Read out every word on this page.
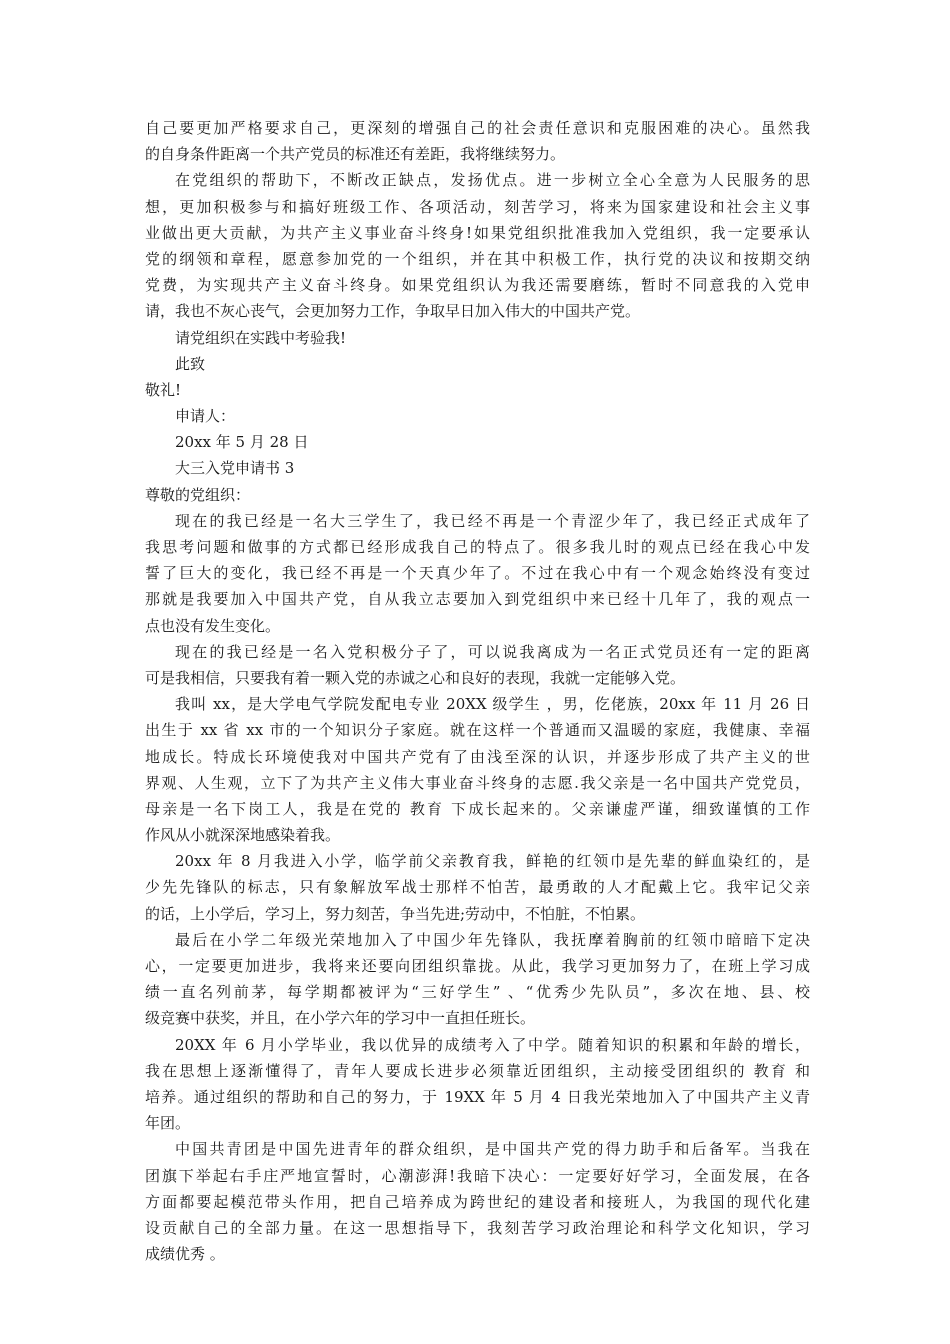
自己要更加严格要求自己，更深刻的增强自己的社会责任意识和克服困难的决心。虽然我
的自身条件距离一个共产党员的标准还有差距，我将继续努力。
在党组织的帮助下，不断改正缺点，发扬优点。进一步树立全心全意为人民服务的思
想，更加积极参与和搞好班级工作、各项活动，刻苦学习，将来为国家建设和社会主义事
业做出更大贡献，为共产主义事业奋斗终身!如果党组织批准我加入党组织，我一定要承认
党的纲领和章程，愿意参加党的一个组织，并在其中积极工作，执行党的决议和按期交纳
党费，为实现共产主义奋斗终身。如果党组织认为我还需要磨练，暂时不同意我的入党申
请，我也不灰心丧气，会更加努力工作，争取早日加入伟大的中国共产党。
请党组织在实践中考验我!
此致
敬礼!
申请人：
20xx 年 5 月 28 日
大三入党申请书 3
尊敬的党组织：
现在的我已经是一名大三学生了，我已经不再是一个青涩少年了，我已经正式成年了
我思考问题和做事的方式都已经形成我自己的特点了。很多我儿时的观点已经在我心中发
誓了巨大的变化，我已经不再是一个天真少年了。不过在我心中有一个观念始终没有变过
那就是我要加入中国共产党，自从我立志要加入到党组织中来已经十几年了，我的观点一
点也没有发生变化。
现在的我已经是一名入党积极分子了，可以说我离成为一名正式党员还有一定的距离
可是我相信，只要我有着一颗入党的赤诚之心和良好的表现，我就一定能够入党。
我叫 xx，是大学电气学院发配电专业 20XX 级学生 ，男，仡佬族，20xx 年 11 月 26 日
出生于 xx 省 xx 市的一个知识分子家庭。就在这样一个普通而又温暖的家庭，我健康、幸福
地成长。特成长环境使我对中国共产党有了由浅至深的认识，并逐步形成了共产主义的世
界观、人生观，立下了为共产主义伟大事业奋斗终身的志愿.我父亲是一名中国共产党党员，
母亲是一名下岗工人，我是在党的 教育 下成长起来的。父亲谦虚严谨，细致谨慎的工作
作风从小就深深地感染着我。
20xx 年 8 月我进入小学，临学前父亲教育我，鲜艳的红领巾是先辈的鲜血染红的，是
少先先锋队的标志，只有象解放军战士那样不怕苦，最勇敢的人才配戴上它。我牢记父亲
的话，上小学后，学习上，努力刻苦，争当先进;劳动中，不怕脏，不怕累。
最后在小学二年级光荣地加入了中国少年先锋队，我抚摩着胸前的红领巾暗暗下定决
心，一定要更加进步，我将来还要向团组织靠拢。从此，我学习更加努力了，在班上学习成
绩一直名列前茅，每学期都被评为“三好学生” 、“优秀少先队员”，多次在地、县、校
级竞赛中获奖，并且，在小学六年的学习中一直担任班长。
20XX 年 6 月小学毕业，我以优异的成绩考入了中学。随着知识的积累和年龄的增长，
我在思想上逐渐懂得了，青年人要成长进步必须靠近团组织，主动接受团组织的 教育 和
培养。通过组织的帮助和自己的努力，于 19XX 年 5 月 4 日我光荣地加入了中国共产主义青
年团。
中国共青团是中国先进青年的群众组织，是中国共产党的得力助手和后备军。当我在
团旗下举起右手庄严地宣誓时，心潮澎湃!我暗下决心：一定要好好学习，全面发展，在各
方面都要起模范带头作用，把自己培养成为跨世纪的建设者和接班人，为我国的现代化建
设贡献自己的全部力量。在这一思想指导下，我刻苦学习政治理论和科学文化知识，学习
成绩优秀 。
